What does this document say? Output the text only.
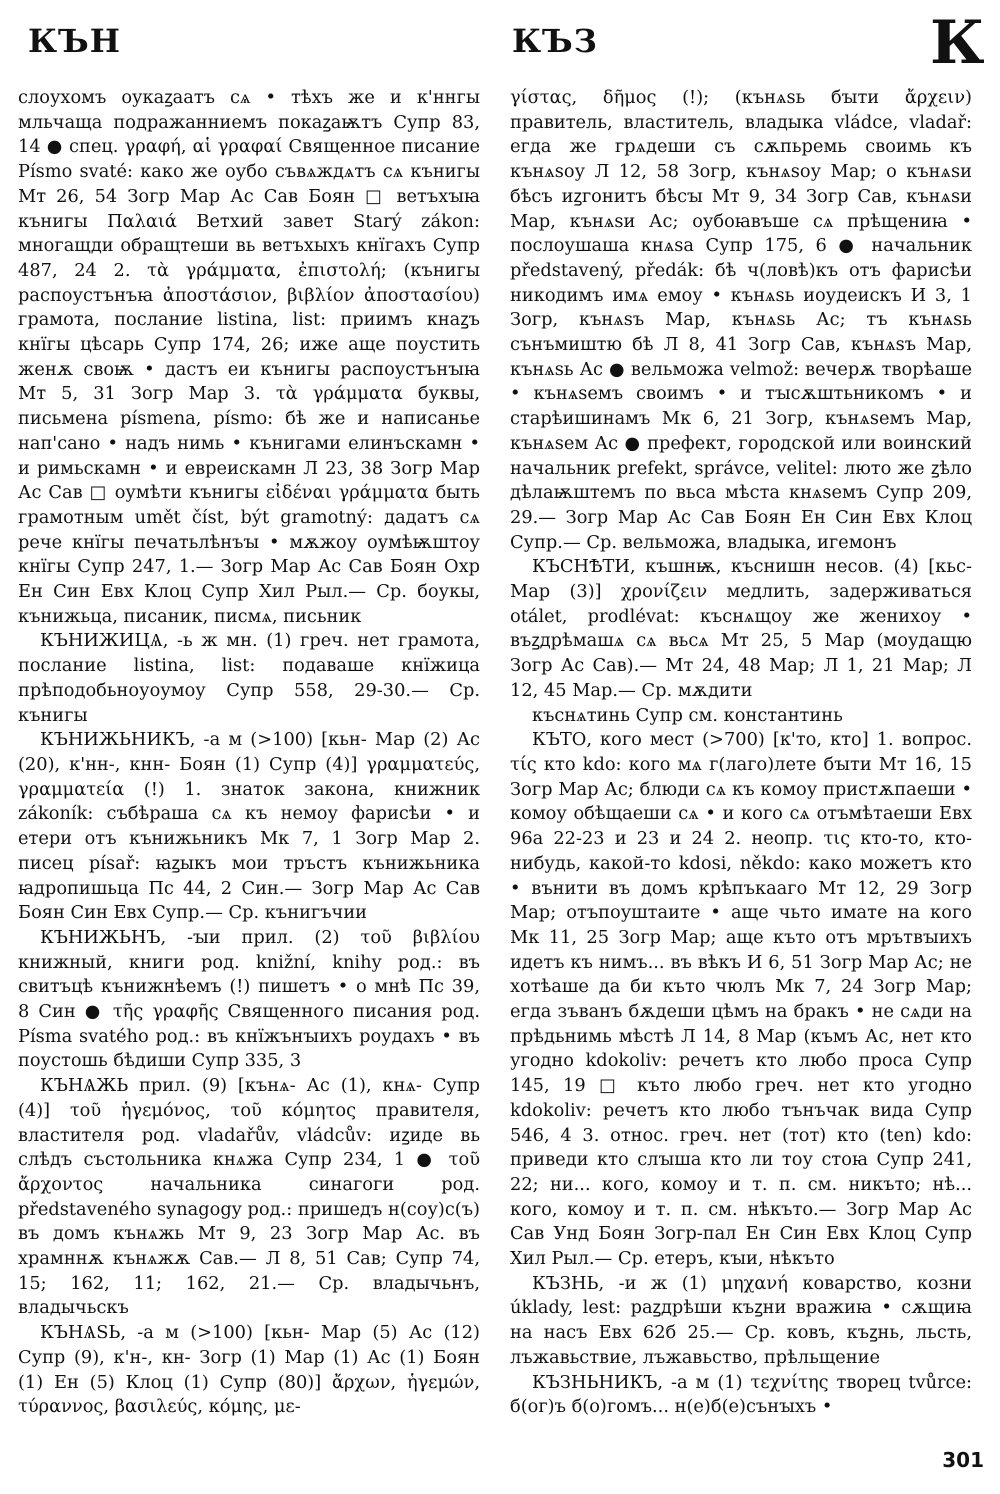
КЪН	КЪЗ	К

слоухомъ оукаꙁаатъ сѧ • тѣхъ же и к'ннгы мльчаща подражанниемъ покаꙁаѭтъ Супр 83, 14 ● спец. γραφή, αἱ γραφαί Священное писание Písmo svaté: како же оубо съвѧждѧтъ сѧ кънигы Мт 26, 54 Зогр Мар Ас Сав Боян □ ветъхꙑꙗ кънигы Παλαιά Ветхий завет Starý zákon: многащди обращтеши вь ветъхыхъ кнїгахъ Супр 487, 24 2. τὰ γράμματα, ἐπιστολή; (кънигы распоустънъꙗ ἀποστάσιον, βιβλίον ἀποστασίου) грамота, послание listina, list: приимъ кнаꙁъ кнїгы цѣсарь Супр 174, 26; иже аще поустить женѫ своѭ • дастъ еи кънигы распоустънꙑꙗ Мт 5, 31 Зогр Мар 3. τὰ γράμματα буквы, письмена písmena, písmo: бѣ же и написанье нап'сано • надъ нимь • кънигами елинъскамн • и римьскамн • и евреискамн Л 23, 38 Зогр Мар Ас Сав □ оумѣти кънигы εἰδέναι γράμματα быть грамотным umět číst, být gramotný: дадатъ сѧ рече кнїгы печатьлѣнъꙑ • мѫжоу оумѣѭштоу кнїгы Супр 247, 1.— Зогр Мар Ас Сав Боян Охр Ен Син Евх Клоц Супр Хил Рыл.— Ср. боукы, кънижьца, писаник, писмѧ, письник

КЪНИЖИЦѦ, -ь ж мн. (1) греч. нет грамота, послание listina, list: подаваше кнїжица прѣподобьноуоумоу Супр 558, 29-30.— Ср. кънигы

КЪНИЖЬНИКЪ, -а м (>100) [кьн- Мар (2) Ас (20), к'нн-, кнн- Боян (1) Супр (4)] γραμματεύς, γραμματεία (!) 1. знаток закона, книжник zákoník: събѣраша сѧ къ немоу фарисѣи • и етери отъ кънижьникъ Мк 7, 1 Зогр Мар 2. писец písař: ꙗꙁыкъ мои тръстъ кънижьника ꙗдропишьца Пс 44, 2 Син.— Зогр Мар Ас Сав Боян Син Евх Супр.— Ср. кънигъчии

КЪНИЖЬНЪ, -ꙑи прил. (2) τοῦ βιβλίου книжный, книги род. knižní, knihy род.: въ свитъцѣ кънижнѣемъ (!) пишетъ • о мнѣ Пс 39, 8 Син ● τῆς γραφῆς Священного писания род. Písma svatého род.: въ кнїжънꙑихъ роудахъ • въ поустошь бѣдиши Супр 335, 3

КЪНѦЖЬ прил. (9) [кънѧ- Ас (1), кнѧ- Супр (4)] τοῦ ἡγεμόνος, τοῦ κόμητος правителя, властителя род. vladařův, vládcův: иꙁиде вь слѣдъ състольника кнѧжа Супр 234, 1 ● τοῦ ἄρχοντος начальника синагоги род. představeného synagogy род.: пришедъ н(соу)с(ъ) въ домъ кънѧжь Мт 9, 23 Зогр Мар Ас. въ храмннѫ кънѧжѫ Сав.— Л 8, 51 Сав; Супр 74, 15; 162, 11; 162, 21.— Ср. владычьнъ, владычьскъ

КЪНѦЅЬ, -а м (>100) [кьн- Мар (5) Ас (12) Супр (9), к'н-, кн- Зогр (1) Мар (1) Ас (1) Боян (1) Ен (5) Клоц (1) Супр (80)] ἄρχων, ἡγεμών, τύραννος, βασιλεύς, κόμης, με-

γίστας, δῆμος (!); (кънѧѕь бꙑти ἄρχειν) правитель, властитель, владыка vládce, vladař: егда же грѧдеши съ сѫпьремь своимь къ кънѧѕоу Л 12, 58 Зогр, кънѧѕоу Мар; о кънѧѕи бѣсъ иꙁгонитъ бѣсꙑ Мт 9, 34 Зогр Сав, кънѧѕи Мар, кънѧѕи Ас; оубоꙗвъше сѧ прѣщениꙗ • послоушаша кнѧѕа Супр 175, 6 ● начальник představený, předák: бѣ ч(ловѣ)къ отъ фарисѣи никодимъ имѧ емоу • кънѧѕь иоудеискъ И 3, 1 Зогр, кънѧѕъ Мар, кънѧѕь Ас; тъ кънѧѕь сънъмиштю бѣ Л 8, 41 Зогр Сав, кънѧѕъ Мар, кънѧѕь Ас ● вельможа velmož: вечерѫ творѣаше • кънѧѕемъ своимъ • и тꙑсѫштьникомъ • и старѣишинамъ Мк 6, 21 Зогр, кънѧѕемъ Мар, кънѧѕем Ас ● префект, городской или воинский начальник prefekt, správce, velitel: люто же ꙁѣло дѣлаѭштемъ по вьса мѣста кнѧѕемъ Супр 209, 29.— Зогр Мар Ас Сав Боян Ен Син Евх Клоц Супр.— Ср. вельможа, владыка, игемонъ

КЪСНѢТИ, къшнѭ, къснишн несов. (4) [кьс- Мар (3)] χρονίζειν медлить, задерживаться otálet, prodlévat: къснѧщоу же женихоу • въꙁдрѣмашѧ сѧ вьсѧ Мт 25, 5 Мар (моудащю Зогр Ас Сав).— Мт 24, 48 Мар; Л 1, 21 Мар; Л 12, 45 Мар.— Ср. мѫдити

къснѧтинь Супр см. константинь

КЪТО, кого мест (>700) [к'то, кто] 1. вопрос. τίς кто kdo: кого мѧ г(лаго)лете бꙑти Мт 16, 15 Зогр Мар Ас; блюди сѧ къ комоу пристѫпаеши • комоу обѣщаеши сѧ • и кого сѧ отъмѣтаеши Евх 96а 22-23 и 23 и 24 2. неопр. τις кто-то, кто-нибудь, какой-то kdosi, někdo: како можетъ кто • вънити въ домъ крѣпъкааго Мт 12, 29 Зогр Мар; отъпоуштаите • аще чьто имате на кого Мк 11, 25 Зогр Мар; аще къто отъ мрътвꙑихъ идетъ къ нимъ... въ вѣкъ И 6, 51 Зогр Мар Ас; не хотѣаше да би къто чюлъ Мк 7, 24 Зогр Мар; егда зъванъ бѫдеши цѣмъ на бракъ • не сѧди на прѣдьнимь мѣстѣ Л 14, 8 Мар (къмъ Ас, нет кто угодно kdokoliv: речетъ кто любо проса Супр 145, 19 □ къто любо греч. нет кто угодно kdokoliv: речетъ кто любо тънъчак вида Супр 546, 4 3. относ. греч. нет (тот) кто (ten) kdo: приведи кто слꙑша кто ли тоу стоꙗ Супр 241, 22; ни... кого, комоу и т. п. см. никъто; нѣ... кого, комоу и т. п. см. нѣкъто.— Зогр Мар Ас Сав Унд Боян Зогр-пал Ен Син Евх Клоц Супр Хил Рыл.— Ср. етеръ, кꙑи, нѣкъто

КЪЗНЬ, -и ж (1) μηχανή коварство, козни úklady, lest: раꙁдрѣши къꙁни вражиꙗ • сѫщиꙗ на насъ Евх 62б 25.— Ср. ковъ, къꙁнь, льсть, лъжавьствие, лъжавьство, прѣльщение

КЪЗНЬНИКЪ, -а м (1) τεχνίτης творец tvůrce: б(ог)ъ б(о)гомъ... н(е)б(е)сънꙑхъ •

301
